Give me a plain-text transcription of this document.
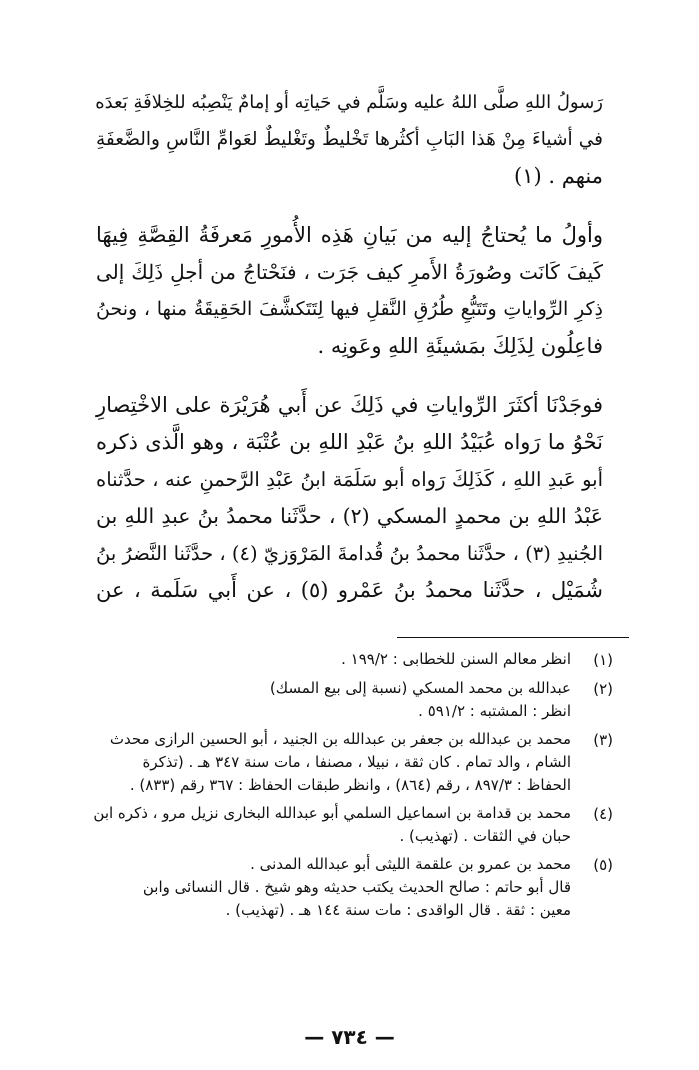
رَسولُ اللهِ صلَّى اللهُ عليه وسَلَّم في حَياتِه أو إمامٌ يَنْصِبُه للخِلافَةِ بَعدَه
في أشياءَ مِنْ هَذا البَابِ أكثُرها تَخْليطٌ وتَغْليطٌ لعَوامِّ النَّاسِ والضَّعفَةِ
منهم . (١)
وأولُ ما يُحتاجُ إليه من بَيانِ هَذِه الأُمورِ مَعرفَةُ القِصَّةِ فِيهَا
كَيفَ كَانَت وصُورَةُ الأَمرِ كيف جَرَت ، فنَحْتاجُ من أجلِ ذَلِكَ إلى
ذِكرِ الرِّواياتِ وتَتَبُّعِ طُرُقِ النَّقلِ فيها لِتَتَكشَّفَ الحَقِيقَةُ منها ، ونحنُ
فاعِلُون لِذَلِكَ بمَشيئَةِ اللهِ وعَونِه .
فوجَدْنَا أكثَرَ الرِّواياتِ في ذَلِكَ عن أَبي هُرَيْرَة على الاخْتِصارِ
نَحْوُ ما رَواه عُبَيْدُ اللهِ بنُ عَبْدِ اللهِ بن عُتْبَة ، وهو الَّذى ذكره
أبو عَبدِ اللهِ ، كَذَلِكَ رَواه أبو سَلَمَة ابنُ عَبْدِ الرَّحمنِ عنه ، حدَّثناه
عَبْدُ اللهِ بن محمدٍ المسكي (٢) ، حدَّثَنا محمدُ بنُ عبدِ اللهِ بن
الجُنيدِ (٣) ، حدَّثَنا محمدُ بنُ قُدامةَ المَرْوَزيّ (٤) ، حدَّثَنا النَّضرُ بنُ
شُمَيْل ، حدَّثَنا محمدُ بنُ عَمْرو (٥) ، عن أَبي سَلَمة ، عن
(١)
انظر معالم السنن للخطابى : ١٩٩/٢ .
(٢)
عبدالله بن محمد المسكي (نسبة إلى بيع المسك)
انظر : المشتبه : ٥٩١/٢ .
(٣)
محمد بن عبدالله بن جعفر بن عبدالله بن الجنيد ، أبو الحسين الرازى محدث
الشام ، والد تمام . كان ثقة ، نبيلا ، مصنفا ، مات سنة ٣٤٧ هـ . (تذكرة
الحفاظ : ٨٩٧/٣ ، رقم (٨٦٤) ، وانظر طبقات الحفاظ : ٣٦٧ رقم (٨٣٣) .
(٤)
محمد بن قدامة بن اسماعيل السلمي أبو عبدالله البخارى نزيل مرو ، ذكره ابن
حبان في الثقات . (تهذيب) .
(٥)
محمد بن عمرو بن علقمة الليثى أبو عبدالله المدنى .
قال أبو حاتم : صالح الحديث يكتب حديثه وهو شيخ . قال النسائى وابن
معين : ثقة . قال الواقدى : مات سنة ١٤٤ هـ . (تهذيب) .
— ٧٣٤ —
